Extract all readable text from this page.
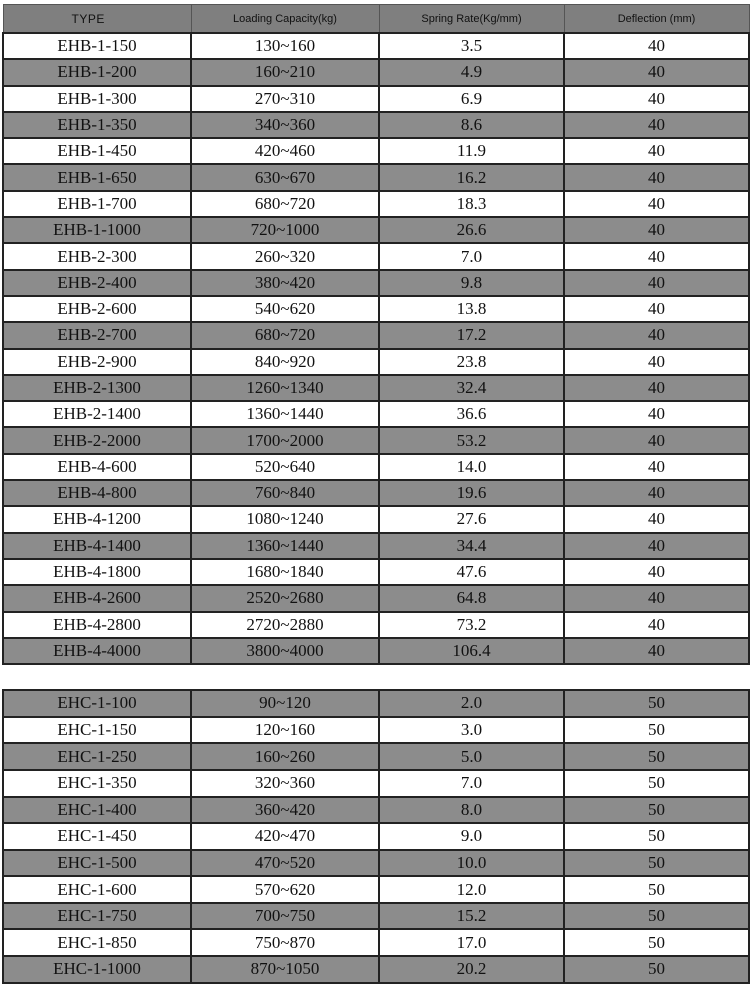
TYPE	Loading Capacity(kg)	Spring Rate(Kg/mm)	Deflection (mm)
EHB-1-150	130~160	3.5	40
EHB-1-200	160~210	4.9	40
EHB-1-300	270~310	6.9	40
EHB-1-350	340~360	8.6	40
EHB-1-450	420~460	11.9	40
EHB-1-650	630~670	16.2	40
EHB-1-700	680~720	18.3	40
EHB-1-1000	720~1000	26.6	40
EHB-2-300	260~320	7.0	40
EHB-2-400	380~420	9.8	40
EHB-2-600	540~620	13.8	40
EHB-2-700	680~720	17.2	40
EHB-2-900	840~920	23.8	40
EHB-2-1300	1260~1340	32.4	40
EHB-2-1400	1360~1440	36.6	40
EHB-2-2000	1700~2000	53.2	40
EHB-4-600	520~640	14.0	40
EHB-4-800	760~840	19.6	40
EHB-4-1200	1080~1240	27.6	40
EHB-4-1400	1360~1440	34.4	40
EHB-4-1800	1680~1840	47.6	40
EHB-4-2600	2520~2680	64.8	40
EHB-4-2800	2720~2880	73.2	40
EHB-4-4000	3800~4000	106.4	40
EHC-1-100	90~120	2.0	50
EHC-1-150	120~160	3.0	50
EHC-1-250	160~260	5.0	50
EHC-1-350	320~360	7.0	50
EHC-1-400	360~420	8.0	50
EHC-1-450	420~470	9.0	50
EHC-1-500	470~520	10.0	50
EHC-1-600	570~620	12.0	50
EHC-1-750	700~750	15.2	50
EHC-1-850	750~870	17.0	50
EHC-1-1000	870~1050	20.2	50
